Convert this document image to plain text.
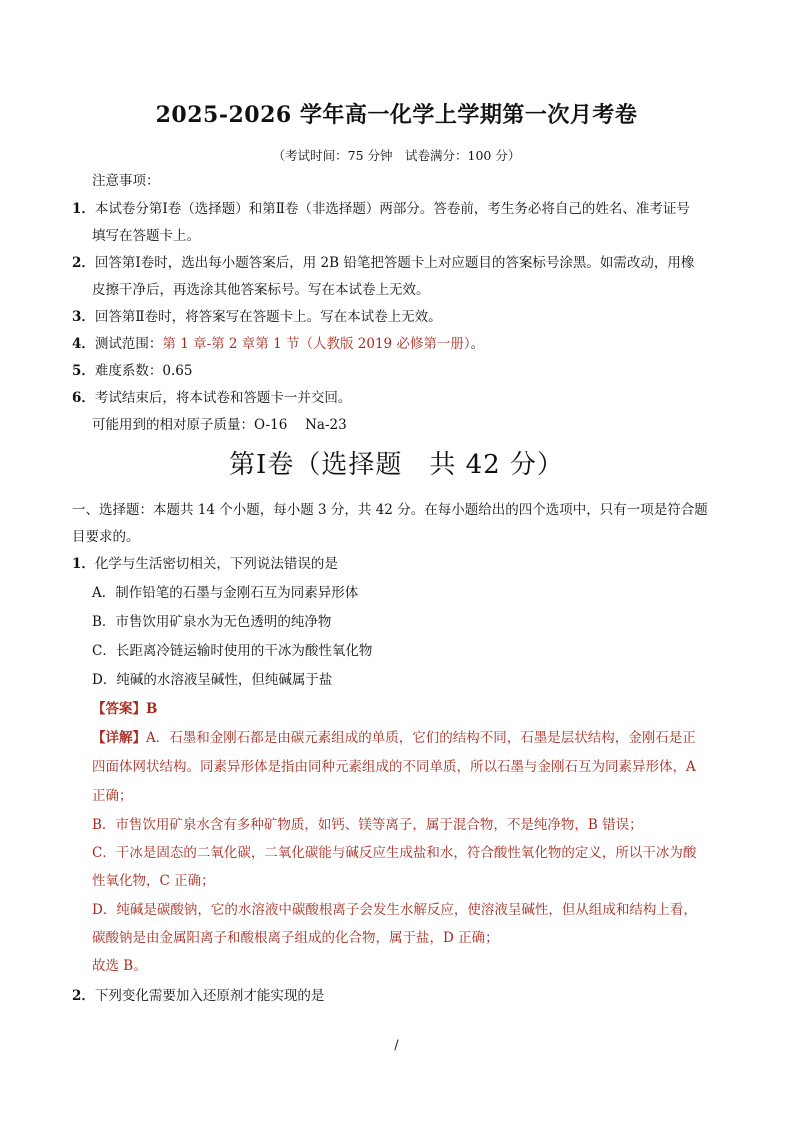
2025-2026 学年高一化学上学期第一次月考卷
（考试时间：75 分钟　试卷满分：100 分）
注意事项：
1．本试卷分第Ⅰ卷（选择题）和第Ⅱ卷（非选择题）两部分。答卷前，考生务必将自己的姓名、准考证号
填写在答题卡上。
2．回答第Ⅰ卷时，选出每小题答案后，用 2B 铅笔把答题卡上对应题目的答案标号涂黑。如需改动，用橡
皮擦干净后，再选涂其他答案标号。写在本试卷上无效。
3．回答第Ⅱ卷时，将答案写在答题卡上。写在本试卷上无效。
4．测试范围：第 1 章-第 2 章第 1 节（人教版 2019 必修第一册）。
5．难度系数：0.65
6．考试结束后，将本试卷和答题卡一并交回。
可能用到的相对原子质量：O-16　 Na-23
第Ⅰ卷（选择题　共 42 分）
一、选择题：本题共 14 个小题，每小题 3 分，共 42 分。在每小题给出的四个选项中，只有一项是符合题
目要求的。
1．化学与生活密切相关，下列说法错误的是
A．制作铅笔的石墨与金刚石互为同素异形体
B．市售饮用矿泉水为无色透明的纯净物
C．长距离冷链运输时使用的干冰为酸性氧化物
D．纯碱的水溶液呈碱性，但纯碱属于盐
【答案】B
【详解】A．石墨和金刚石都是由碳元素组成的单质，它们的结构不同，石墨是层状结构，金刚石是正
四面体网状结构。同素异形体是指由同种元素组成的不同单质，所以石墨与金刚石互为同素异形体，A
正确；
B．市售饮用矿泉水含有多种矿物质，如钙、镁等离子，属于混合物，不是纯净物，B 错误；
C．干冰是固态的二氧化碳，二氧化碳能与碱反应生成盐和水，符合酸性氧化物的定义，所以干冰为酸
性氧化物，C 正确；
D．纯碱是碳酸钠，它的水溶液中碳酸根离子会发生水解反应，使溶液呈碱性，但从组成和结构上看，
碳酸钠是由金属阳离子和酸根离子组成的化合物，属于盐，D 正确；
故选 B。
2．下列变化需要加入还原剂才能实现的是
/
